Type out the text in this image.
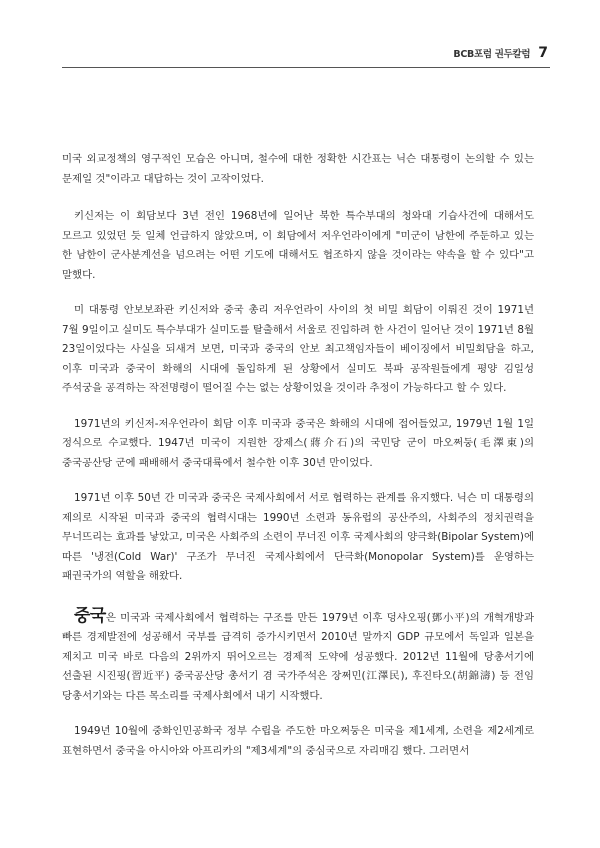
BCB포럼 권두칼럼 7

미국 외교정책의 영구적인 모습은 아니며, 철수에 대한 정확한 시간표는 닉슨 대통령이 논의할 수 있는 문제일 것"이라고 대답하는 것이 고작이었다.

키신저는 이 회담보다 3년 전인 1968년에 일어난 북한 특수부대의 청와대 기습사건에 대해서도 모르고 있었던 듯 일체 언급하지 않았으며, 이 회담에서 저우언라이에게 "미군이 남한에 주둔하고 있는 한 남한이 군사분계선을 넘으려는 어떤 기도에 대해서도 협조하지 않을 것이라는 약속을 할 수 있다"고 말했다.

미 대통령 안보보좌관 키신저와 중국 총리 저우언라이 사이의 첫 비밀 회담이 이뤄진 것이 1971년 7월 9일이고 실미도 특수부대가 실미도를 탈출해서 서울로 진입하려 한 사건이 일어난 것이 1971년 8월 23일이었다는 사실을 되새겨 보면, 미국과 중국의 안보 최고책임자들이 베이징에서 비밀회담을 하고, 이후 미국과 중국이 화해의 시대에 돌입하게 된 상황에서 실미도 북파 공작원들에게 평양 김일성 주석궁을 공격하는 작전명령이 떨어질 수는 없는 상황이었을 것이라 추정이 가능하다고 할 수 있다.

1971년의 키신저-저우언라이 회담 이후 미국과 중국은 화해의 시대에 접어들었고, 1979년 1월 1일 정식으로 수교했다. 1947년 미국이 지원한 장제스(蔣介石)의 국민당 군이 마오쩌둥(毛澤東)의 중국공산당 군에 패배해서 중국대륙에서 철수한 이후 30년 만이었다.

1971년 이후 50년 간 미국과 중국은 국제사회에서 서로 협력하는 관계를 유지했다. 닉슨 미 대통령의 제의로 시작된 미국과 중국의 협력시대는 1990년 소련과 동유럽의 공산주의, 사회주의 정치권력을 무너뜨리는 효과를 낳았고, 미국은 사회주의 소련이 무너진 이후 국제사회의 양극화(Bipolar System)에 따른 '냉전(Cold War)' 구조가 무너진 국제사회에서 단극화(Monopolar System)를 운영하는 패권국가의 역할을 해왔다.

중국은 미국과 국제사회에서 협력하는 구조를 만든 1979년 이후 덩샤오핑(鄧小平)의 개혁개방과 빠른 경제발전에 성공해서 국부를 급격히 증가시키면서 2010년 말까지 GDP 규모에서 독일과 일본을 제치고 미국 바로 다음의 2위까지 뛰어오르는 경제적 도약에 성공했다. 2012년 11월에 당총서기에 선출된 시진핑(習近平) 중국공산당 총서기 겸 국가주석은 장쩌민(江澤民), 후진타오(胡錦濤) 등 전임 당총서기와는 다른 목소리를 국제사회에서 내기 시작했다.

1949년 10월에 중화인민공화국 정부 수립을 주도한 마오쩌둥은 미국을 제1세계, 소련을 제2세계로 표현하면서 중국을 아시아와 아프리카의 "제3세계"의 중심국으로 자리매김 했다. 그러면서
